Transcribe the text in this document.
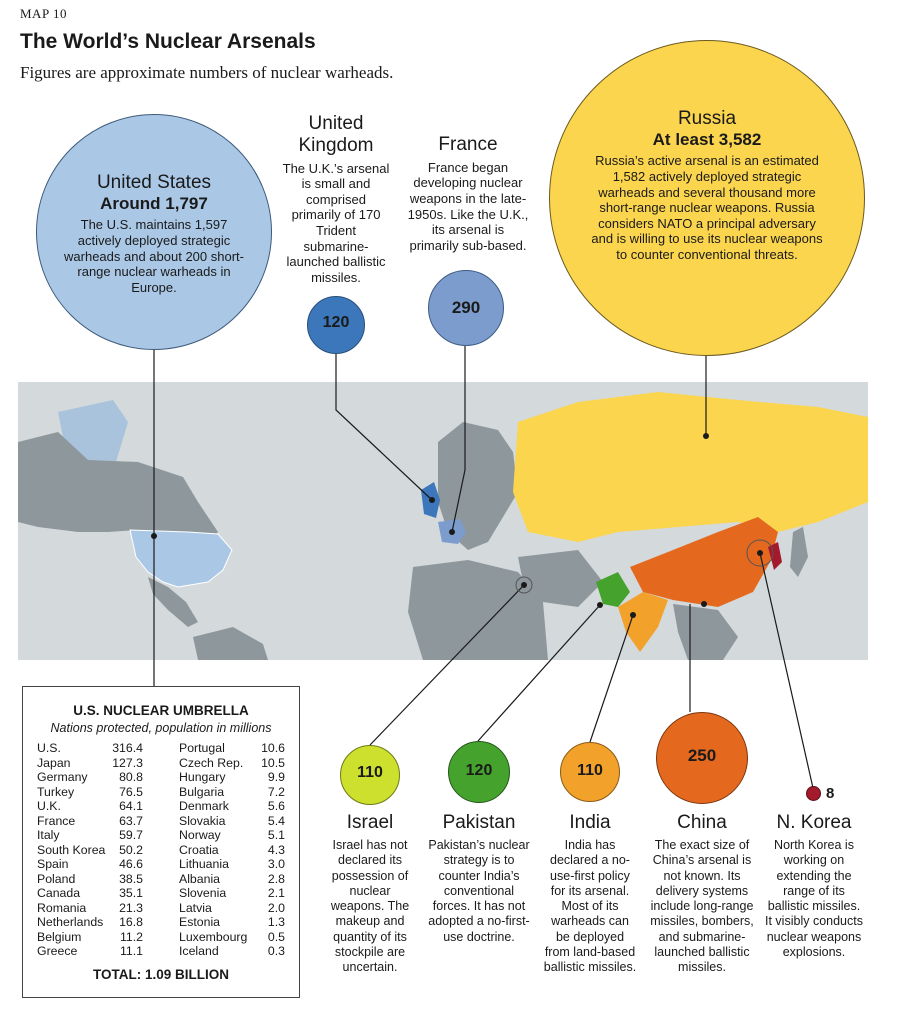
MAP 10
The World’s Nuclear Arsenals
Figures are approximate numbers of nuclear warheads.
United States
Around 1,797
The U.S. maintains 1,597 actively deployed strategic warheads and about 200 short-range nuclear warheads in Europe.
United Kingdom
The U.K.’s arsenal is small and comprised primarily of 170 Trident submarine-launched ballistic missiles.
120
France
France began developing nuclear weapons in the late-1950s. Like the U.K., its arsenal is primarily sub-based.
290
Russia
At least 3,582
Russia’s active arsenal is an estimated 1,582 actively deployed strategic warheads and several thousand more short-range nuclear weapons. Russia considers NATO a principal adversary and is willing to use its nuclear weapons to counter conventional threats.
110
Israel
Israel has not declared its possession of nuclear weapons. The makeup and quantity of its stockpile are uncertain.
120
Pakistan
Pakistan’s nuclear strategy is to counter India’s conventional forces. It has not adopted a no-first-use doctrine.
110
India
India has declared a no-use-first policy for its arsenal. Most of its warheads can be deployed from land-based ballistic missiles.
250
China
The exact size of China’s arsenal is not known. Its delivery systems include long-range missiles, bombers, and submarine-launched ballistic missiles.
8
N. Korea
North Korea is working on extending the range of its ballistic missiles. It visibly conducts nuclear weapons explosions.
U.S. NUCLEAR UMBRELLA
Nations protected, population in millions
U.S.	316.4
Japan	127.3
Germany	80.8
Turkey	76.5
U.K.	64.1
France	63.7
Italy	59.7
South Korea 50.2
Spain	46.6
Poland	38.5
Canada	35.1
Romania	21.3
Netherlands 16.8
Belgium	11.2
Greece	11.1
Portugal	10.6
Czech Rep. 10.5
Hungary	9.9
Bulgaria	7.2
Denmark	5.6
Slovakia	5.4
Norway	5.1
Croatia	4.3
Lithuania	3.0
Albania	2.8
Slovenia	2.1
Latvia	2.0
Estonia	1.3
Luxembourg 0.5
Iceland	0.3
TOTAL: 1.09 BILLION
